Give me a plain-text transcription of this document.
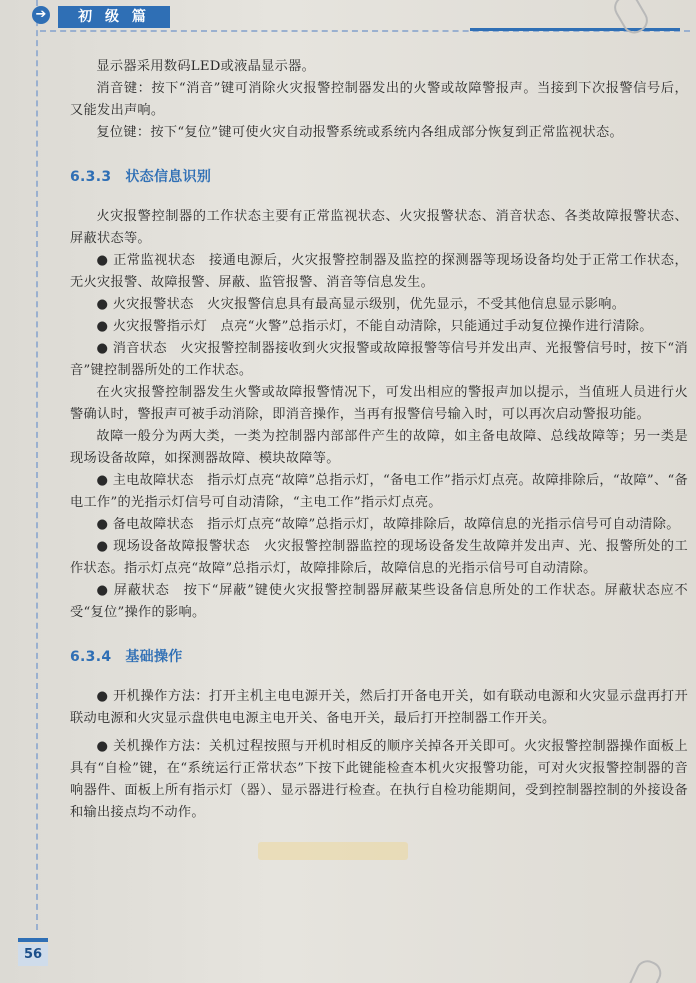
➔	初 级 篇

显示器采用数码LED或液晶显示器。

消音键：按下“消音”键可消除火灾报警控制器发出的火警或故障警报声。当接到下次报警信号后，又能发出声响。

复位键：按下“复位”键可使火灾自动报警系统或系统内各组成部分恢复到正常监视状态。

6.3.3 状态信息识别

火灾报警控制器的工作状态主要有正常监视状态、火灾报警状态、消音状态、各类故障报警状态、屏蔽状态等。

● 正常监视状态　接通电源后，火灾报警控制器及监控的探测器等现场设备均处于正常工作状态，无火灾报警、故障报警、屏蔽、监管报警、消音等信息发生。

● 火灾报警状态　火灾报警信息具有最高显示级别，优先显示，不受其他信息显示影响。

● 火灾报警指示灯　点亮“火警”总指示灯，不能自动清除，只能通过手动复位操作进行清除。

● 消音状态　火灾报警控制器接收到火灾报警或故障报警等信号并发出声、光报警信号时，按下“消音”键控制器所处的工作状态。

在火灾报警控制器发生火警或故障报警情况下，可发出相应的警报声加以提示，当值班人员进行火警确认时，警报声可被手动消除，即消音操作，当再有报警信号输入时，可以再次启动警报功能。

故障一般分为两大类，一类为控制器内部部件产生的故障，如主备电故障、总线故障等；另一类是现场设备故障，如探测器故障、模块故障等。

● 主电故障状态　指示灯点亮“故障”总指示灯，“备电工作”指示灯点亮。故障排除后，“故障”、“备电工作”的光指示灯信号可自动清除，“主电工作”指示灯点亮。

● 备电故障状态　指示灯点亮“故障”总指示灯，故障排除后，故障信息的光指示信号可自动清除。

● 现场设备故障报警状态　火灾报警控制器监控的现场设备发生故障并发出声、光、报警所处的工作状态。指示灯点亮“故障”总指示灯，故障排除后，故障信息的光指示信号可自动清除。

● 屏蔽状态　按下“屏蔽”键使火灾报警控制器屏蔽某些设备信息所处的工作状态。屏蔽状态应不受“复位”操作的影响。

6.3.4 基础操作

● 开机操作方法：打开主机主电电源开关，然后打开备电开关，如有联动电源和火灾显示盘再打开联动电源和火灾显示盘供电电源主电开关、备电开关，最后打开控制器工作开关。

● 关机操作方法：关机过程按照与开机时相反的顺序关掉各开关即可。火灾报警控制器操作面板上具有“自检”键，在“系统运行正常状态”下按下此键能检查本机火灾报警功能，可对火灾报警控制器的音响器件、面板上所有指示灯（器）、显示器进行检查。在执行自检功能期间，受到控制器控制的外接设备和输出接点均不动作。

56
